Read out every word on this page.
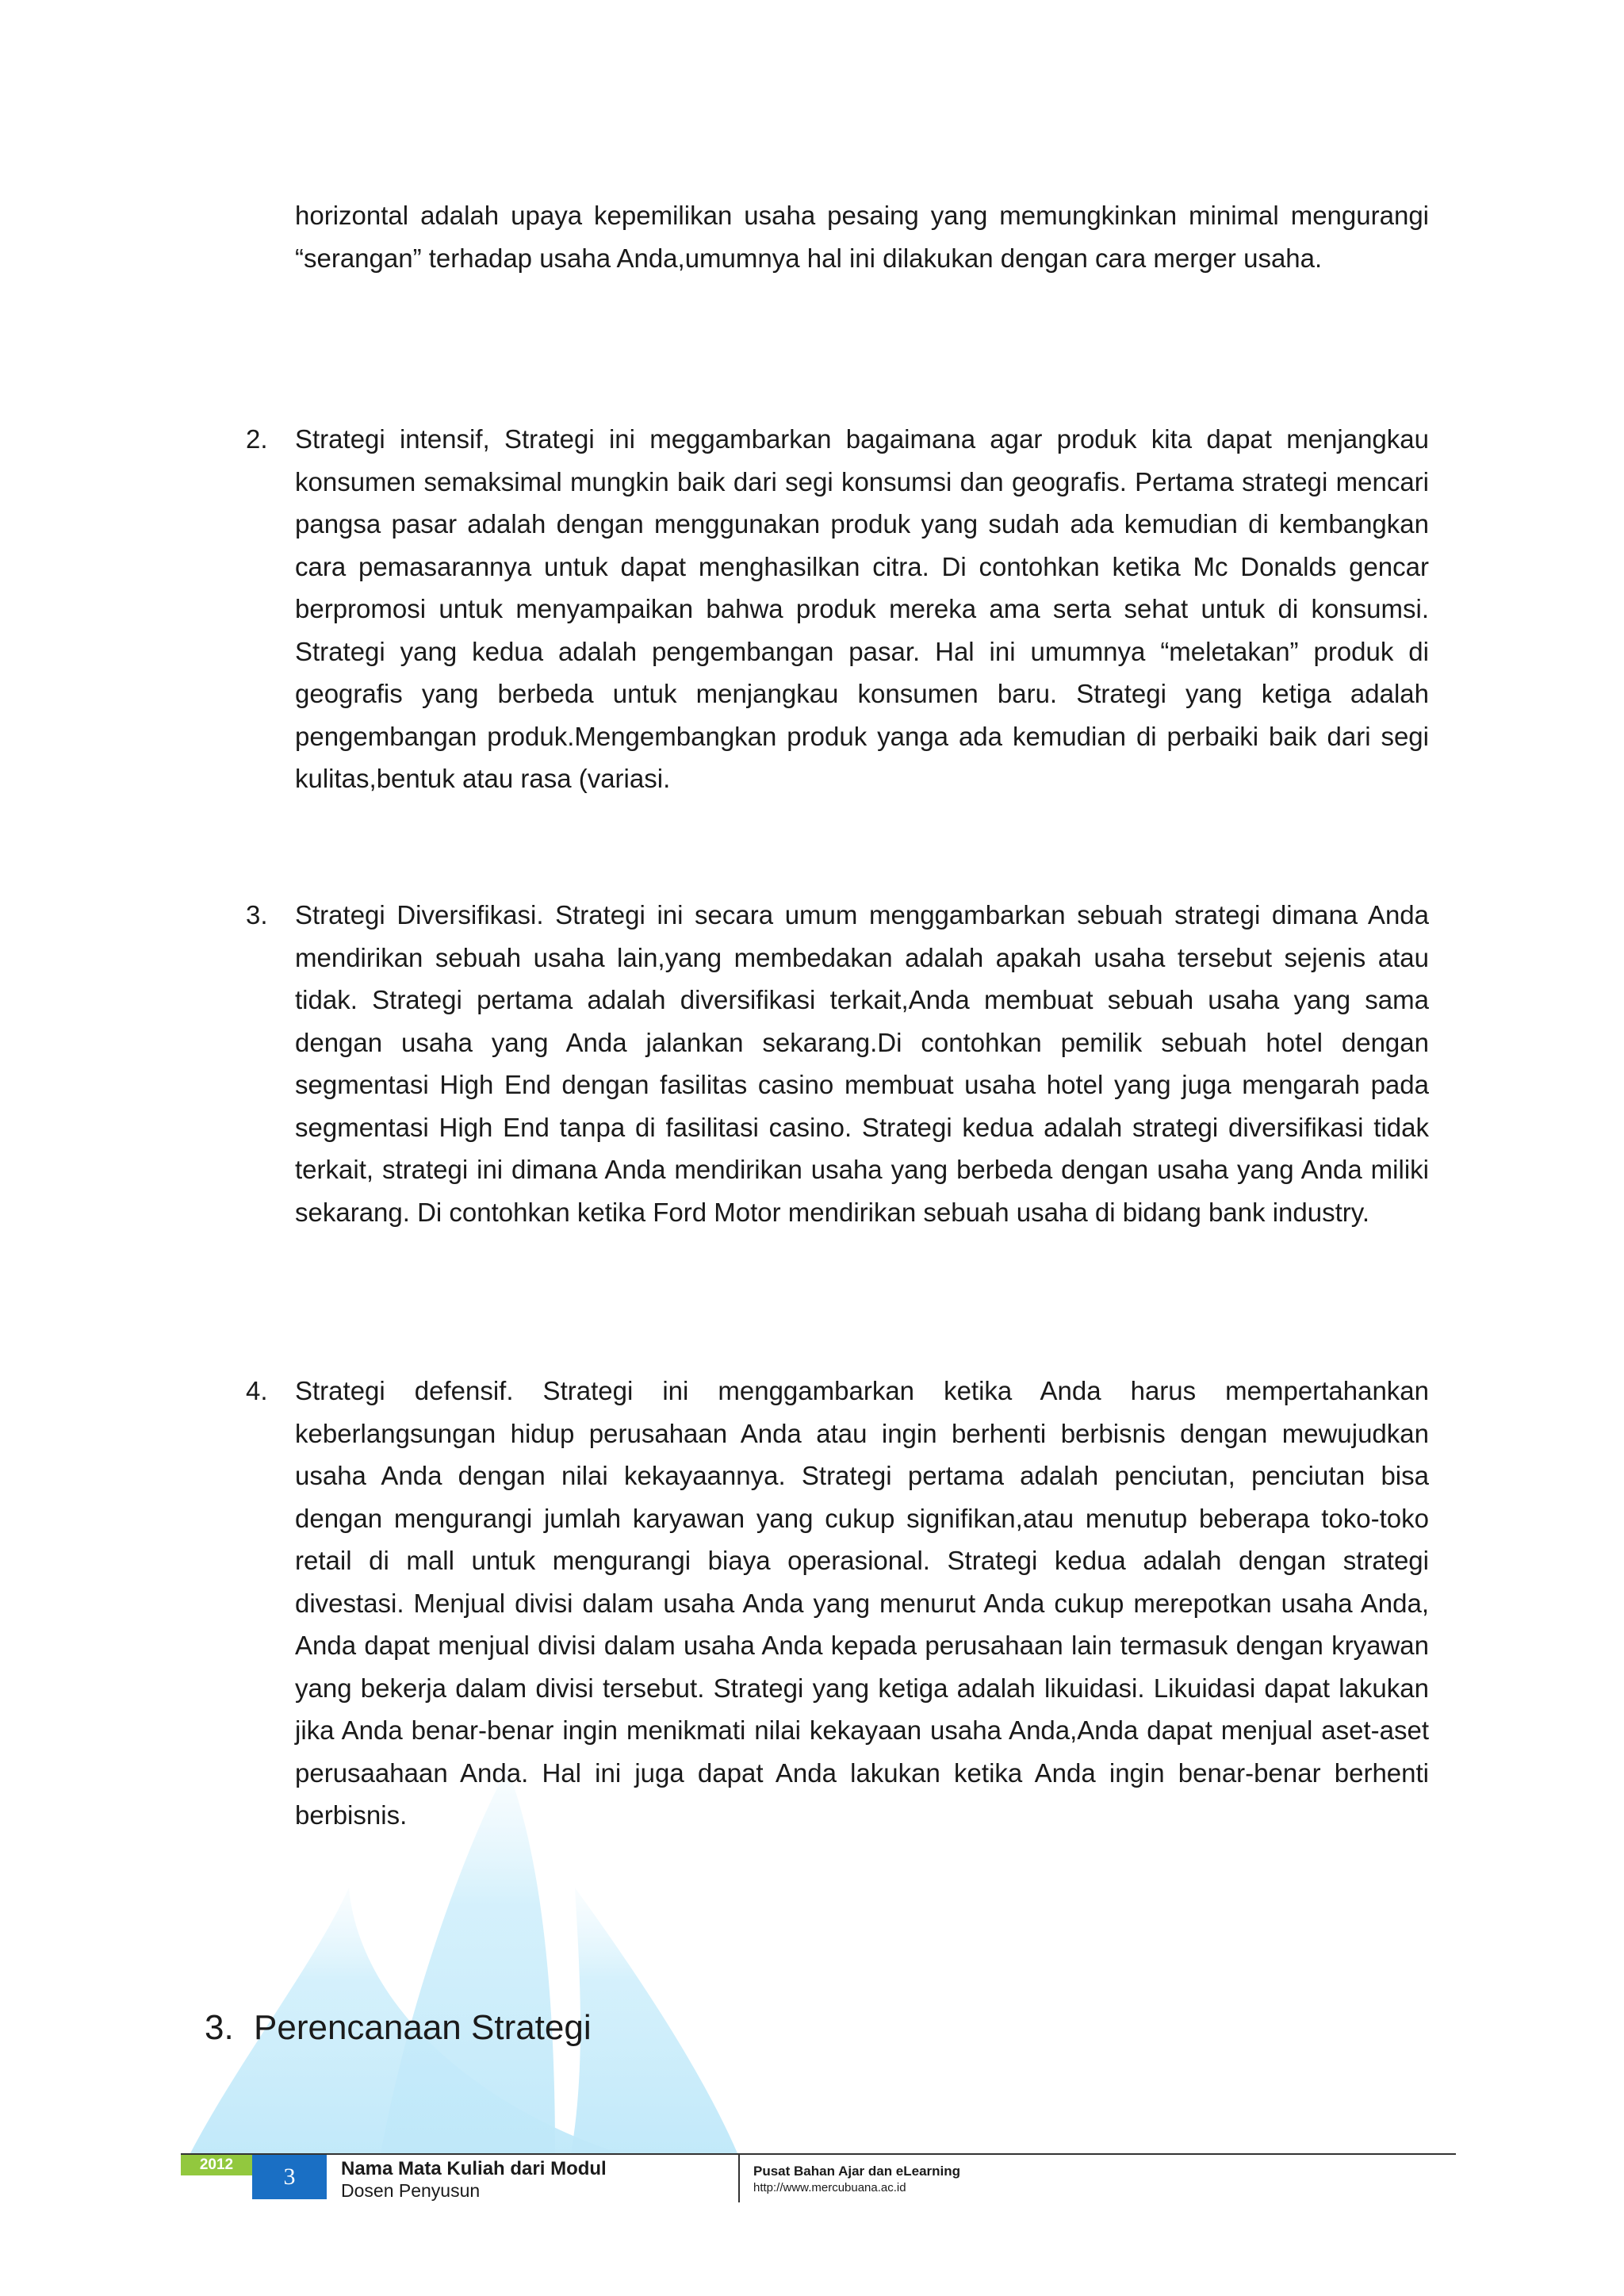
horizontal adalah upaya kepemilikan usaha pesaing yang memungkinkan minimal mengurangi “serangan” terhadap usaha Anda,umumnya hal ini dilakukan dengan cara merger usaha.

2. Strategi intensif, Strategi ini meggambarkan bagaimana agar produk kita dapat menjangkau konsumen semaksimal mungkin baik dari segi konsumsi dan geografis. Pertama strategi mencari pangsa pasar adalah dengan menggunakan produk yang sudah ada kemudian di kembangkan cara pemasarannya untuk dapat menghasilkan citra. Di contohkan ketika Mc Donalds gencar berpromosi untuk menyampaikan bahwa produk mereka ama serta sehat untuk di konsumsi. Strategi yang kedua adalah pengembangan pasar. Hal ini umumnya “meletakan” produk di geografis yang berbeda untuk menjangkau konsumen baru. Strategi yang ketiga adalah pengembangan produk.Mengembangkan produk yanga ada kemudian di perbaiki baik dari segi kulitas,bentuk atau rasa (variasi.
3. Strategi Diversifikasi. Strategi ini secara umum menggambarkan sebuah strategi dimana Anda mendirikan sebuah usaha lain,yang membedakan adalah apakah usaha tersebut sejenis atau tidak. Strategi pertama adalah diversifikasi terkait,Anda membuat sebuah usaha yang sama dengan usaha yang Anda jalankan sekarang.Di contohkan pemilik sebuah hotel dengan segmentasi High End dengan fasilitas casino membuat usaha hotel yang juga mengarah pada segmentasi High End tanpa di fasilitasi casino. Strategi kedua adalah strategi diversifikasi tidak terkait, strategi ini dimana Anda mendirikan usaha yang berbeda dengan usaha yang Anda miliki sekarang. Di contohkan ketika Ford Motor mendirikan sebuah usaha di bidang bank industry.
4. Strategi defensif. Strategi ini menggambarkan ketika Anda harus mempertahankan keberlangsungan hidup perusahaan Anda atau ingin berhenti berbisnis dengan mewujudkan usaha Anda dengan nilai kekayaannya. Strategi pertama adalah penciutan, penciutan bisa dengan mengurangi jumlah karyawan yang cukup signifikan,atau menutup beberapa toko-toko retail di mall untuk mengurangi biaya operasional. Strategi kedua adalah dengan strategi divestasi. Menjual divisi dalam usaha Anda yang menurut Anda cukup merepotkan usaha Anda, Anda dapat menjual divisi dalam usaha Anda kepada perusahaan lain termasuk dengan kryawan yang bekerja dalam divisi tersebut. Strategi yang ketiga adalah likuidasi. Likuidasi dapat lakukan jika Anda benar-benar ingin menikmati nilai kekayaan usaha Anda,Anda dapat menjual aset-aset perusaahaan Anda. Hal ini juga dapat Anda lakukan ketika Anda ingin benar-benar berhenti berbisnis.
3. Perencanaan Strategi
2012	3	Nama Mata Kuliah dari Modul
Dosen Penyusun
Pusat Bahan Ajar dan eLearning
http://www.mercubuana.ac.id
